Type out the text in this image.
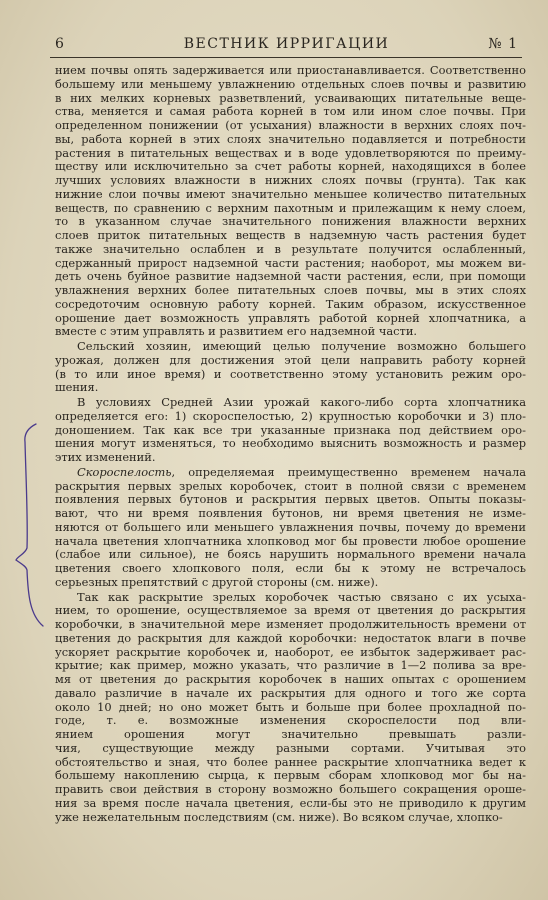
6	ВЕСТНИК ИРРИГАЦИИ	№ 1

нием почвы опять задерживается или приостанавливается. Соответственно
большему или меньшему увлажнению отдельных слоев почвы и развитию
в них мелких корневых разветвлений, усваивающих питательные веще-
ства, меняется и самая работа корней в том или ином слое почвы. При
определенном понижении (от усыхания) влажности в верхних слоях поч-
вы, работа корней в этих слоях значительно подавляется и потребности
растения в питательных веществах и в воде удовлетворяются по преиму-
ществу или исключительно за счет работы корней, находящихся в более
лучших условиях влажности в нижних слоях почвы (грунта). Так как
нижние слои почвы имеют значительно меньшее количество питательных
веществ, по сравнению с верхним пахотным и прилежащим к нему слоем,
то в указанном случае значительного понижения влажности верхних
слоев приток питательных веществ в надземную часть растения будет
также значительно ослаблен и в результате получится ослабленный,
сдержанный прирост надземной части растения; наоборот, мы можем ви-
деть очень буйное развитие надземной части растения, если, при помощи
увлажнения верхних более питательных слоев почвы, мы в этих слоях
сосредоточим основную работу корней. Таким образом, искусственное
орошение дает возможность управлять работой корней хлопчатника, а
вместе с этим управлять и развитием его надземной части.

Сельский хозяин, имеющий целью получение возможно большего
урожая, должен для достижения этой цели направить работу корней
(в то или иное время) и соответственно этому установить режим оро-
шения.

В условиях Средней Азии урожай какого-либо сорта хлопчатника
определяется его: 1) скороспелостью, 2) крупностью коробочки и 3) пло-
доношением. Так как все три указанные признака под действием оро-
шения могут изменяться, то необходимо выяснить возможность и размер
этих изменений.

Скороспелость, определяемая преимущественно временем начала
раскрытия первых зрелых коробочек, стоит в полной связи с временем
появления первых бутонов и раскрытия первых цветов. Опыты показы-
вают, что ни время появления бутонов, ни время цветения не изме-
няются от большего или меньшего увлажнения почвы, почему до времени
начала цветения хлопчатника хлопковод мог бы провести любое орошение
(слабое или сильное), не боясь нарушить нормального времени начала
цветения своего хлопкового поля, если бы к этому не встречалось
серьезных препятствий с другой стороны (см. ниже).

Так как раскрытие зрелых коробочек частью связано с их усыха-
нием, то орошение, осуществляемое за время от цветения до раскрытия
коробочки, в значительной мере изменяет продолжительность времени от
цветения до раскрытия для каждой коробочки: недостаток влаги в почве
ускоряет раскрытие коробочек и, наоборот, ее избыток задерживает рас-
крытие; как пример, можно указать, что различие в 1—2 полива за вре-
мя от цветения до раскрытия коробочек в наших опытах с орошением
давало различие в начале их раскрытия для одного и того же сорта
около 10 дней; но оно может быть и больше при более прохладной по-
годе, т. е. возможные изменения скороспелости под вли-
янием орошения могут значительно превышать разли-
чия, существующие между разными сортами. Учитывая это
обстоятельство и зная, что более раннее раскрытие хлопчатника ведет к
большему накоплению сырца, к первым сборам хлопковод мог бы на-
править свои действия в сторону возможно большего сокращения ороше-
ния за время после начала цветения, если-бы это не приводило к другим
уже нежелательным последствиям (см. ниже). Во всяком случае, хлопко-
